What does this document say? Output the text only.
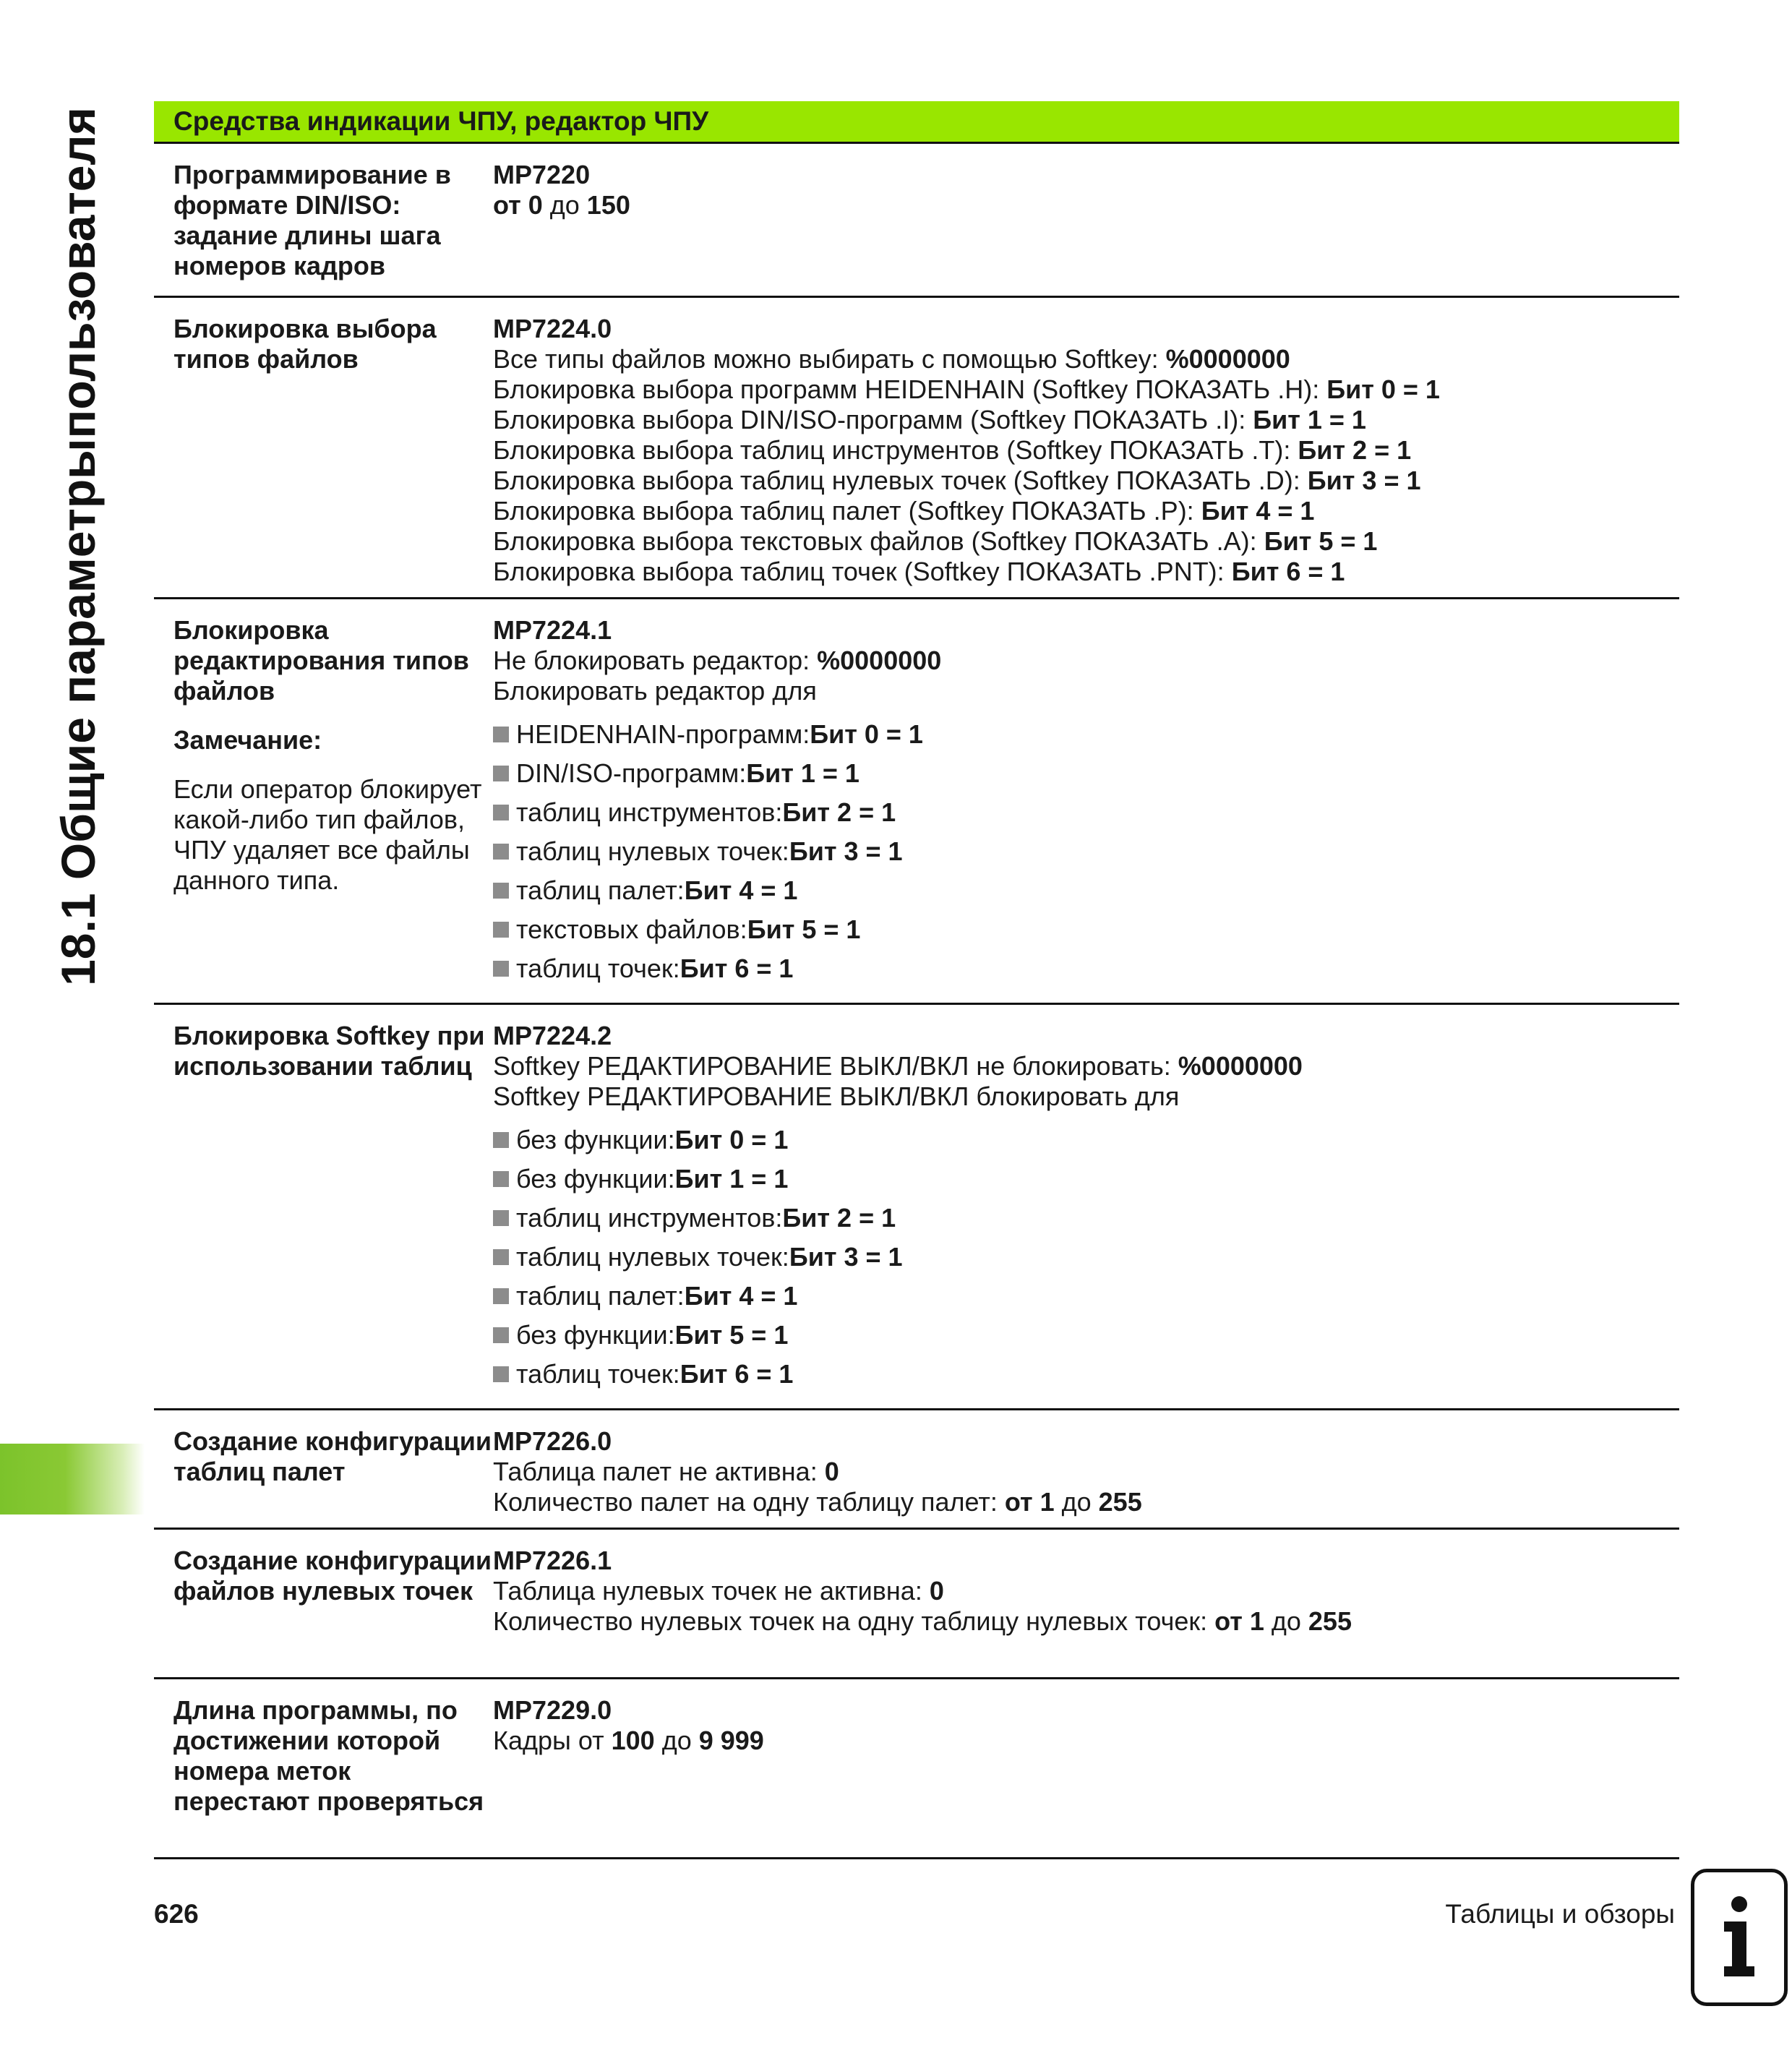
18.1 Общие параметрыпользователя	Средства индикации ЧПУ, редактор ЧПУ
Программирование в формате DIN/ISO: задание длины шага номеров кадров
MP7220
от 0 до 150
Блокировка выбора типов файлов
MP7224.0
Все типы файлов можно выбирать с помощью Softkey: %0000000
Блокировка выбора программ HEIDENHAIN (Softkey ПОКАЗАТЬ .H): Бит 0 = 1
Блокировка выбора DIN/ISO-программ (Softkey ПОКАЗАТЬ .I): Бит 1 = 1
Блокировка выбора таблиц инструментов (Softkey ПОКАЗАТЬ .T): Бит 2 = 1
Блокировка выбора таблиц нулевых точек (Softkey ПОКАЗАТЬ .D): Бит 3 = 1
Блокировка выбора таблиц палет (Softkey ПОКАЗАТЬ .P): Бит 4 = 1
Блокировка выбора текстовых файлов (Softkey ПОКАЗАТЬ .A): Бит 5 = 1
Блокировка выбора таблиц точек (Softkey ПОКАЗАТЬ .PNT): Бит 6 = 1
Блокировка редактирования типов файлов
Замечание:
Если оператор блокирует какой-либо тип файлов, ЧПУ удаляет все файлы данного типа.
MP7224.1
Не блокировать редактор: %0000000
Блокировать редактор для
HEIDENHAIN-программ: Бит 0 = 1
DIN/ISO-программ: Бит 1 = 1
таблиц инструментов: Бит 2 = 1
таблиц нулевых точек: Бит 3 = 1
таблиц палет: Бит 4 = 1
текстовых файлов: Бит 5 = 1
таблиц точек: Бит 6 = 1
Блокировка Softkey при использовании таблиц
MP7224.2
Softkey РЕДАКТИРОВАНИЕ ВЫКЛ/ВКЛ не блокировать: %0000000
Softkey РЕДАКТИРОВАНИЕ ВЫКЛ/ВКЛ блокировать для
без функции: Бит 0 = 1
без функции: Бит 1 = 1
таблиц инструментов: Бит 2 = 1
таблиц нулевых точек: Бит 3 = 1
таблиц палет: Бит 4 = 1
без функции: Бит 5 = 1
таблиц точек: Бит 6 = 1
Создание конфигурации таблиц палет
MP7226.0
Таблица палет не активна: 0
Количество палет на одну таблицу палет: от 1 до 255
Создание конфигурации файлов нулевых точек
MP7226.1
Таблица нулевых точек не активна: 0
Количество нулевых точек на одну таблицу нулевых точек: от 1 до 255
Длина программы, по достижении которой номера меток перестают проверяться
MP7229.0
Кадры от 100 до 9 999
626	Таблицы и обзоры
